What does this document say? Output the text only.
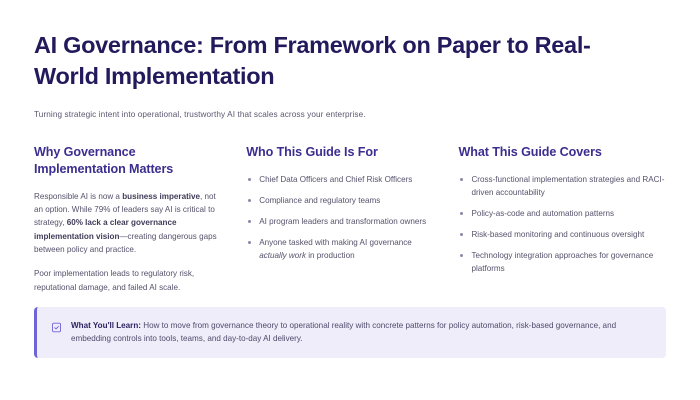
AI Governance: From Framework on Paper to Real-World Implementation
Turning strategic intent into operational, trustworthy AI that scales across your enterprise.
Why Governance Implementation Matters

Responsible AI is now a business imperative, not an option. While 79% of leaders say AI is critical to strategy, 60% lack a clear governance implementation vision—creating dangerous gaps between policy and practice.

Poor implementation leads to regulatory risk, reputational damage, and failed AI scale.

Who This Guide Is For
Chief Data Officers and Chief Risk Officers
Compliance and regulatory teams
AI program leaders and transformation owners
Anyone tasked with making AI governance actually work in production
What This Guide Covers
Cross-functional implementation strategies and RACI-driven accountability
Policy-as-code and automation patterns
Risk-based monitoring and continuous oversight
Technology integration approaches for governance platforms
What You'll Learn: How to move from governance theory to operational reality with concrete patterns for policy automation, risk-based governance, and embedding controls into tools, teams, and day-to-day AI delivery.
